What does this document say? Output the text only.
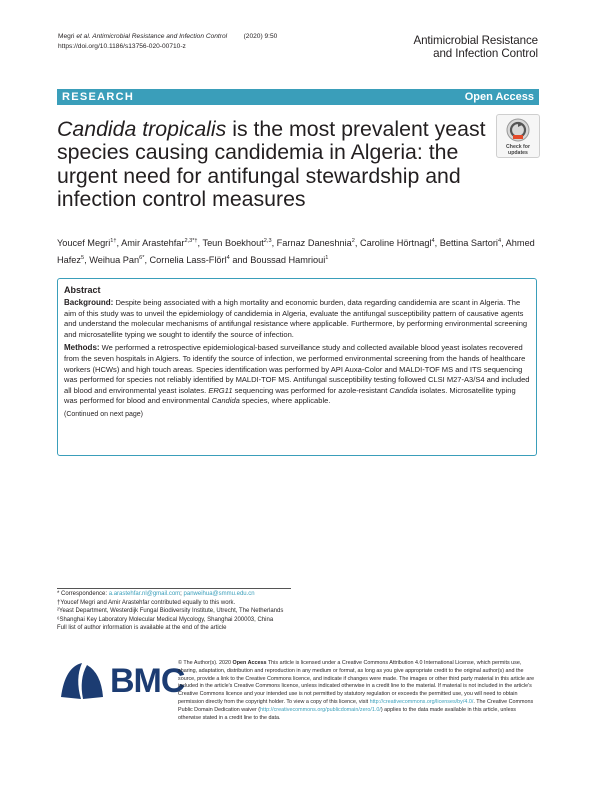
Megri et al. Antimicrobial Resistance and Infection Control         (2020) 9:50
https://doi.org/10.1186/s13756-020-00710-z	Antimicrobial Resistance
and Infection Control
RESEARCH	Open Access
Candida tropicalis is the most prevalent yeast species causing candidemia in Algeria: the urgent need for antifungal stewardship and infection control measures
Check for
updates
Youcef Megri$^{1\dagger}$, Amir Arastehfar$^{2,3*\dagger}$, Teun Boekhout$^{2,3}$, Farnaz Daneshnia$^2$, Caroline Hörtnagl$^4$, Bettina Sartori$^4$, Ahmed Hafez$^5$, Weihua Pan$^{6*}$, Cornelia Lass-Flörl$^4$ and Boussad Hamrioui$^1$
Abstract
Background: Despite being associated with a high mortality and economic burden, data regarding candidemia are scant in Algeria. The aim of this study was to unveil the epidemiology of candidemia in Algeria, evaluate the antifungal susceptibility pattern of causative agents and understand the molecular mechanisms of antifungal resistance where applicable. Furthermore, by performing environmental screening and microsatellite typing we sought to identify the source of infection.
Methods: We performed a retrospective epidemiological-based surveillance study and collected available blood yeast isolates recovered from the seven hospitals in Algiers. To identify the source of infection, we performed environmental screening from the hands of healthcare workers (HCWs) and high touch areas. Species identification was performed by API Auxa-Color and MALDI-TOF MS and ITS sequencing was performed for species not reliably identified by MALDI-TOF MS. Antifungal susceptibility testing followed CLSI M27-A3/S4 and included all blood and environmental yeast isolates. ERG11 sequencing was performed for azole-resistant Candida isolates. Microsatellite typing was performed for blood and environmental Candida species, where applicable.
(Continued on next page)

* Correspondence: a.arastehfar.nl@gmail.com; panweihua@smmu.edu.cn

†Youcef Megri and Amir Arastehfar contributed equally to this work.

²Yeast Department, Westerdijk Fungal Biodiversity Institute, Utrecht, The Netherlands

⁶Shanghai Key Laboratory Molecular Medical Mycology, Shanghai 200003, China

Full list of author information is available at the end of the article

BMC
© The Author(s). 2020 Open Access This article is licensed under a Creative Commons Attribution 4.0 International License, which permits use, sharing, adaptation, distribution and reproduction in any medium or format, as long as you give appropriate credit to the original author(s) and the source, provide a link to the Creative Commons licence, and indicate if changes were made. The images or other third party material in this article are included in the article's Creative Commons licence, unless indicated otherwise in a credit line to the material. If material is not included in the article's Creative Commons licence and your intended use is not permitted by statutory regulation or exceeds the permitted use, you will need to obtain permission directly from the copyright holder. To view a copy of this licence, visit http://creativecommons.org/licenses/by/4.0/. The Creative Commons Public Domain Dedication waiver (http://creativecommons.org/publicdomain/zero/1.0/) applies to the data made available in this article, unless otherwise stated in a credit line to the data.
